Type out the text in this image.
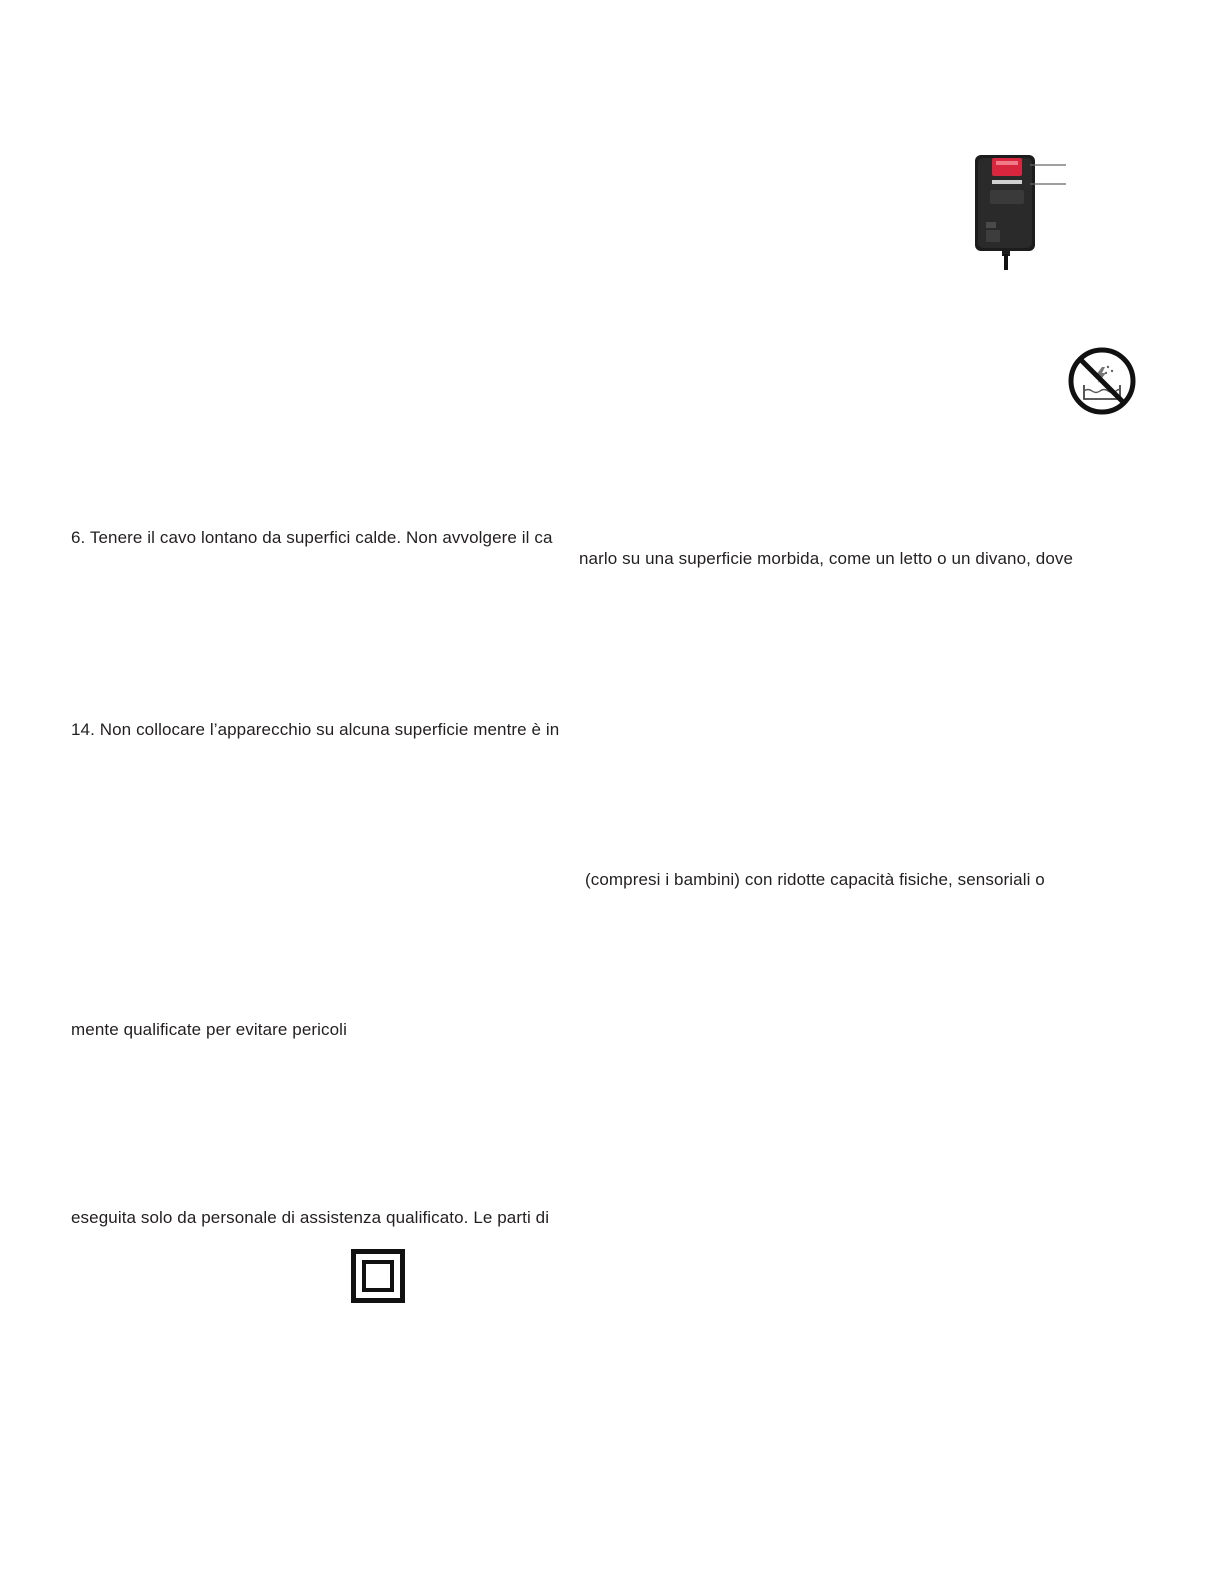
6. Tenere il cavo lontano da superfici calde. Non avvolgere il ca
narlo su una superficie morbida, come un letto o un divano, dove
14. Non collocare l’apparecchio su alcuna superficie mentre è in
(compresi i bambini) con ridotte capacità fisiche, sensoriali o
mente qualificate per evitare pericoli
eseguita solo da personale di assistenza qualificato. Le parti di
